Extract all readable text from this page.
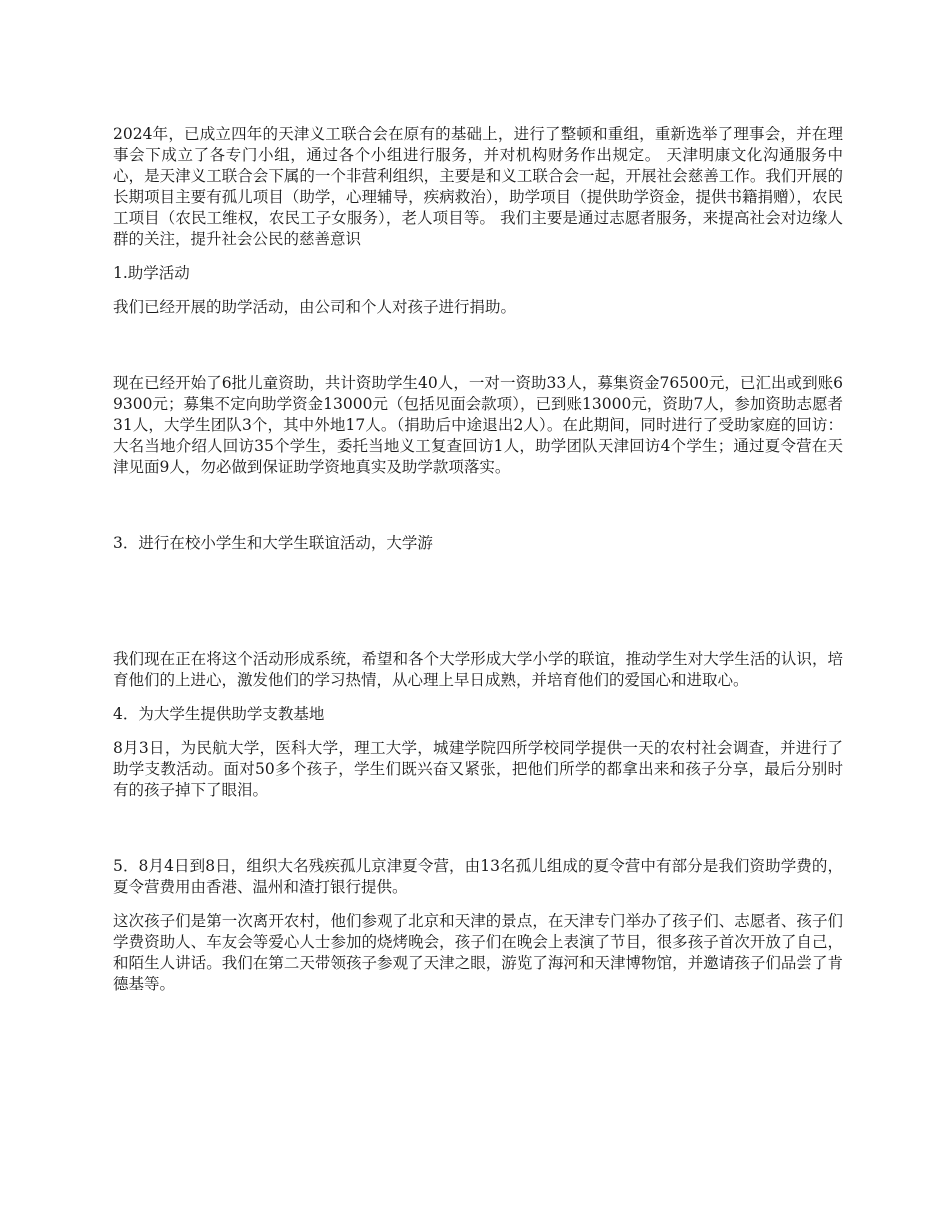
2024年，已成立四年的天津义工联合会在原有的基础上，进行了整顿和重组，重新选举了理事会，并在理事会下成立了各专门小组，通过各个小组进行服务，并对机构财务作出规定。 天津明康文化沟通服务中心，是天津义工联合会下属的一个非营利组织，主要是和义工联合会一起，开展社会慈善工作。我们开展的长期项目主要有孤儿项目（助学，心理辅导，疾病救治），助学项目（提供助学资金，提供书籍捐赠），农民工项目（农民工维权，农民工子女服务），老人项目等。 我们主要是通过志愿者服务，来提高社会对边缘人群的关注，提升社会公民的慈善意识

1.助学活动

我们已经开展的助学活动，由公司和个人对孩子进行捐助。

现在已经开始了6批儿童资助，共计资助学生40人，一对一资助33人，募集资金76500元，已汇出或到账69300元；募集不定向助学资金13000元（包括见面会款项），已到账13000元，资助7人，参加资助志愿者31人，大学生团队3个，其中外地17人。（捐助后中途退出2人）。在此期间，同时进行了受助家庭的回访：大名当地介绍人回访35个学生，委托当地义工复查回访1人，助学团队天津回访4个学生；通过夏令营在天津见面9人，勿必做到保证助学资地真实及助学款项落实。

3．进行在校小学生和大学生联谊活动，大学游

我们现在正在将这个活动形成系统，希望和各个大学形成大学小学的联谊，推动学生对大学生活的认识，培育他们的上进心，激发他们的学习热情，从心理上早日成熟，并培育他们的爱国心和进取心。

4．为大学生提供助学支教基地

8月3日，为民航大学，医科大学，理工大学，城建学院四所学校同学提供一天的农村社会调查，并进行了助学支教活动。面对50多个孩子，学生们既兴奋又紧张，把他们所学的都拿出来和孩子分享，最后分别时有的孩子掉下了眼泪。

5．8月4日到8日，组织大名残疾孤儿京津夏令营，由13名孤儿组成的夏令营中有部分是我们资助学费的，夏令营费用由香港、温州和渣打银行提供。

这次孩子们是第一次离开农村，他们参观了北京和天津的景点，在天津专门举办了孩子们、志愿者、孩子们学费资助人、车友会等爱心人士参加的烧烤晚会，孩子们在晚会上表演了节目，很多孩子首次开放了自己，和陌生人讲话。我们在第二天带领孩子参观了天津之眼，游览了海河和天津博物馆，并邀请孩子们品尝了肯德基等。
